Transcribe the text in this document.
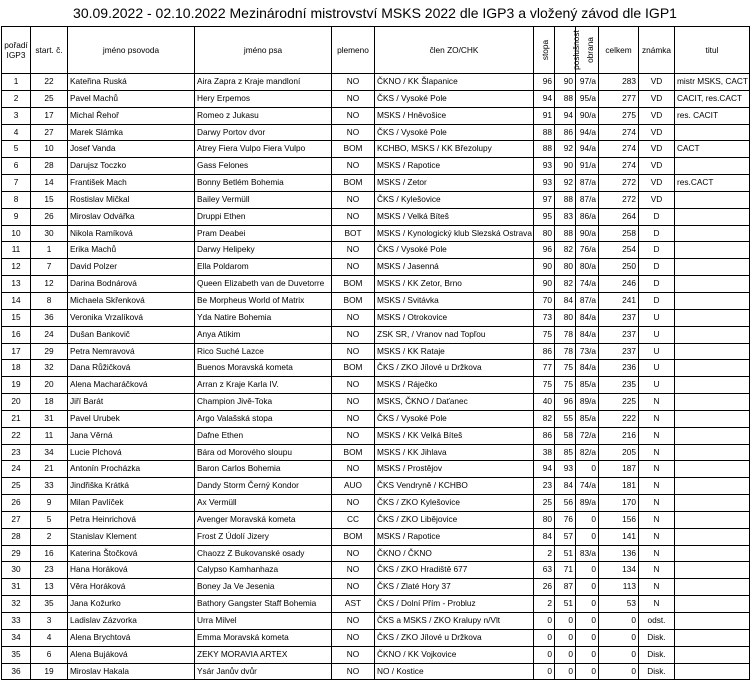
30.09.2022 - 02.10.2022 Mezinárodní mistrovství MSKS 2022 dle IGP3 a vložený závod dle IGP1
pořadí IGP3	start. č.	jméno psovoda	jméno psa	plemeno	člen ZO/CHK	stopa	poslušnost	obrana	celkem	známka	titul
1	22	Kateřina Ruská	Aira Zapra z Kraje mandloní	NO	ČKNO / KK Šlapanice	96	90	97/a	283	VD	mistr MSKS, CACT
2	25	Pavel Machů	Hery Erpemos	NO	ČKS / Vysoké Pole	94	88	95/a	277	VD	CACIT, res.CACT
3	17	Michal Řehoř	Romeo z Jukasu	NO	MSKS / Hněvošice	91	94	90/a	275	VD	res. CACIT
4	27	Marek Slámka	Darwy Portov dvor	NO	ČKS / Vysoké Pole	88	86	94/a	274	VD	
5	10	Josef Vanda	Atrey Fiera Vulpo Fiera Vulpo	BOM	KCHBO, MSKS / KK Březolupy	88	92	94/a	274	VD	CACT
6	28	Darujsz Toczko	Gass Felones	NO	MSKS / Rapotice	93	90	91/a	274	VD	
7	14	František Mach	Bonny Betlém Bohemia	BOM	MSKS / Zetor	93	92	87/a	272	VD	res.CACT
8	15	Rostislav Mičkal	Bailey Vermüll	NO	ČKS / Kylešovice	97	88	87/a	272	VD	
9	26	Miroslav Odvářka	Druppi Ethen	NO	MSKS / Velká Bíteš	95	83	86/a	264	D	
10	30	Nikola Ramíková	Pram Deabei	BOT	MSKS / Kynologický klub Slezská Ostrava	80	88	90/a	258	D	
11	1	Erika Machů	Darwy Helipeky	NO	ČKS / Vysoké Pole	96	82	76/a	254	D	
12	7	David Polzer	Ella Poldarom	NO	MSKS / Jasenná	90	80	80/a	250	D	
13	12	Darina Bodnárová	Queen Elizabeth van de Duvetorre	BOM	MSKS / KK Zetor, Brno	90	82	74/a	246	D	
14	8	Michaela Skřenková	Be Morpheus World of Matrix	BOM	MSKS / Svitávka	70	84	87/a	241	D	
15	36	Veronika Vrzalíková	Yda Natire Bohemia	NO	MSKS / Otrokovice	73	80	84/a	237	U	
16	24	Dušan Bankovič	Anya Atikim	NO	ZSK SR, / Vranov nad Topľou	75	78	84/a	237	U	
17	29	Petra Nemravová	Rico Suché Lazce	NO	MSKS / KK Rataje	86	78	73/a	237	U	
18	32	Dana Růžičková	Buenos Moravská kometa	BOM	ČKS / ZKO Jílové u Držkova	77	75	84/a	236	U	
19	20	Alena Macharáčková	Arran z Kraje Karla IV.	NO	MSKS / Ráječko	75	75	85/a	235	U	
20	18	Jiří Barát	Champion Jivě-Toka	NO	MSKS, ČKNO / Daťanec	40	96	89/a	225	N	
21	31	Pavel Urubek	Argo Valašská stopa	NO	ČKS / Vysoké Pole	82	55	85/a	222	N	
22	11	Jana Věrná	Dafne Ethen	NO	MSKS / KK Velká Bíteš	86	58	72/a	216	N	
23	34	Lucie Plchová	Bára od Morového sloupu	BOM	MSKS / KK Jihlava	38	85	82/a	205	N	
24	21	Antonín Procházka	Baron Carlos Bohemia	NO	MSKS / Prostějov	94	93	0	187	N	
25	33	Jindřiška Krátká	Dandy Storm Černý Kondor	AUO	ČKS Vendryně / KCHBO	23	84	74/a	181	N	
26	9	Milan Pavlíček	Ax Vermüll	NO	ČKS / ZKO Kylešovice	25	56	89/a	170	N	
27	5	Petra Heinrichová	Avenger Moravská kometa	CC	ČKS / ZKO Libějovice	80	76	0	156	N	
28	2	Stanislav Klement	Frost Z Údolí Jizery	BOM	MSKS / Rapotice	84	57	0	141	N	
29	16	Katerina Štočková	Chaozz Z Bukovanské osady	NO	ČKNO / ČKNO	2	51	83/a	136	N	
30	23	Hana Horáková	Calypso Kamhanhaza	NO	ČKS / ZKO Hradiště 677	63	71	0	134	N	
31	13	Věra Horáková	Boney Ja Ve Jesenia	NO	ČKS / Zlaté Hory 37	26	87	0	113	N	
32	35	Jana Kožurko	Bathory Gangster Staff Bohemia	AST	ČKS / Dolní Přím - Probluz	2	51	0	53	N	
33	3	Ladislav Zázvorka	Urra Milvel	NO	ČKS a MSKS / ZKO Kralupy n/Vlt	0	0	0	0	odst.	
34	4	Alena Brychtová	Emma Moravská kometa	NO	ČKS / ZKO Jílové u Držkova	0	0	0	0	Disk.	
35	6	Alena Bujáková	ZEKY MORAVIA ARTEX	NO	ČKNO / KK Vojkovice	0	0	0	0	Disk.	
36	19	Miroslav Hakala	Ysár Janův dvůr	NO	NO / Kostice	0	0	0	0	Disk.	
